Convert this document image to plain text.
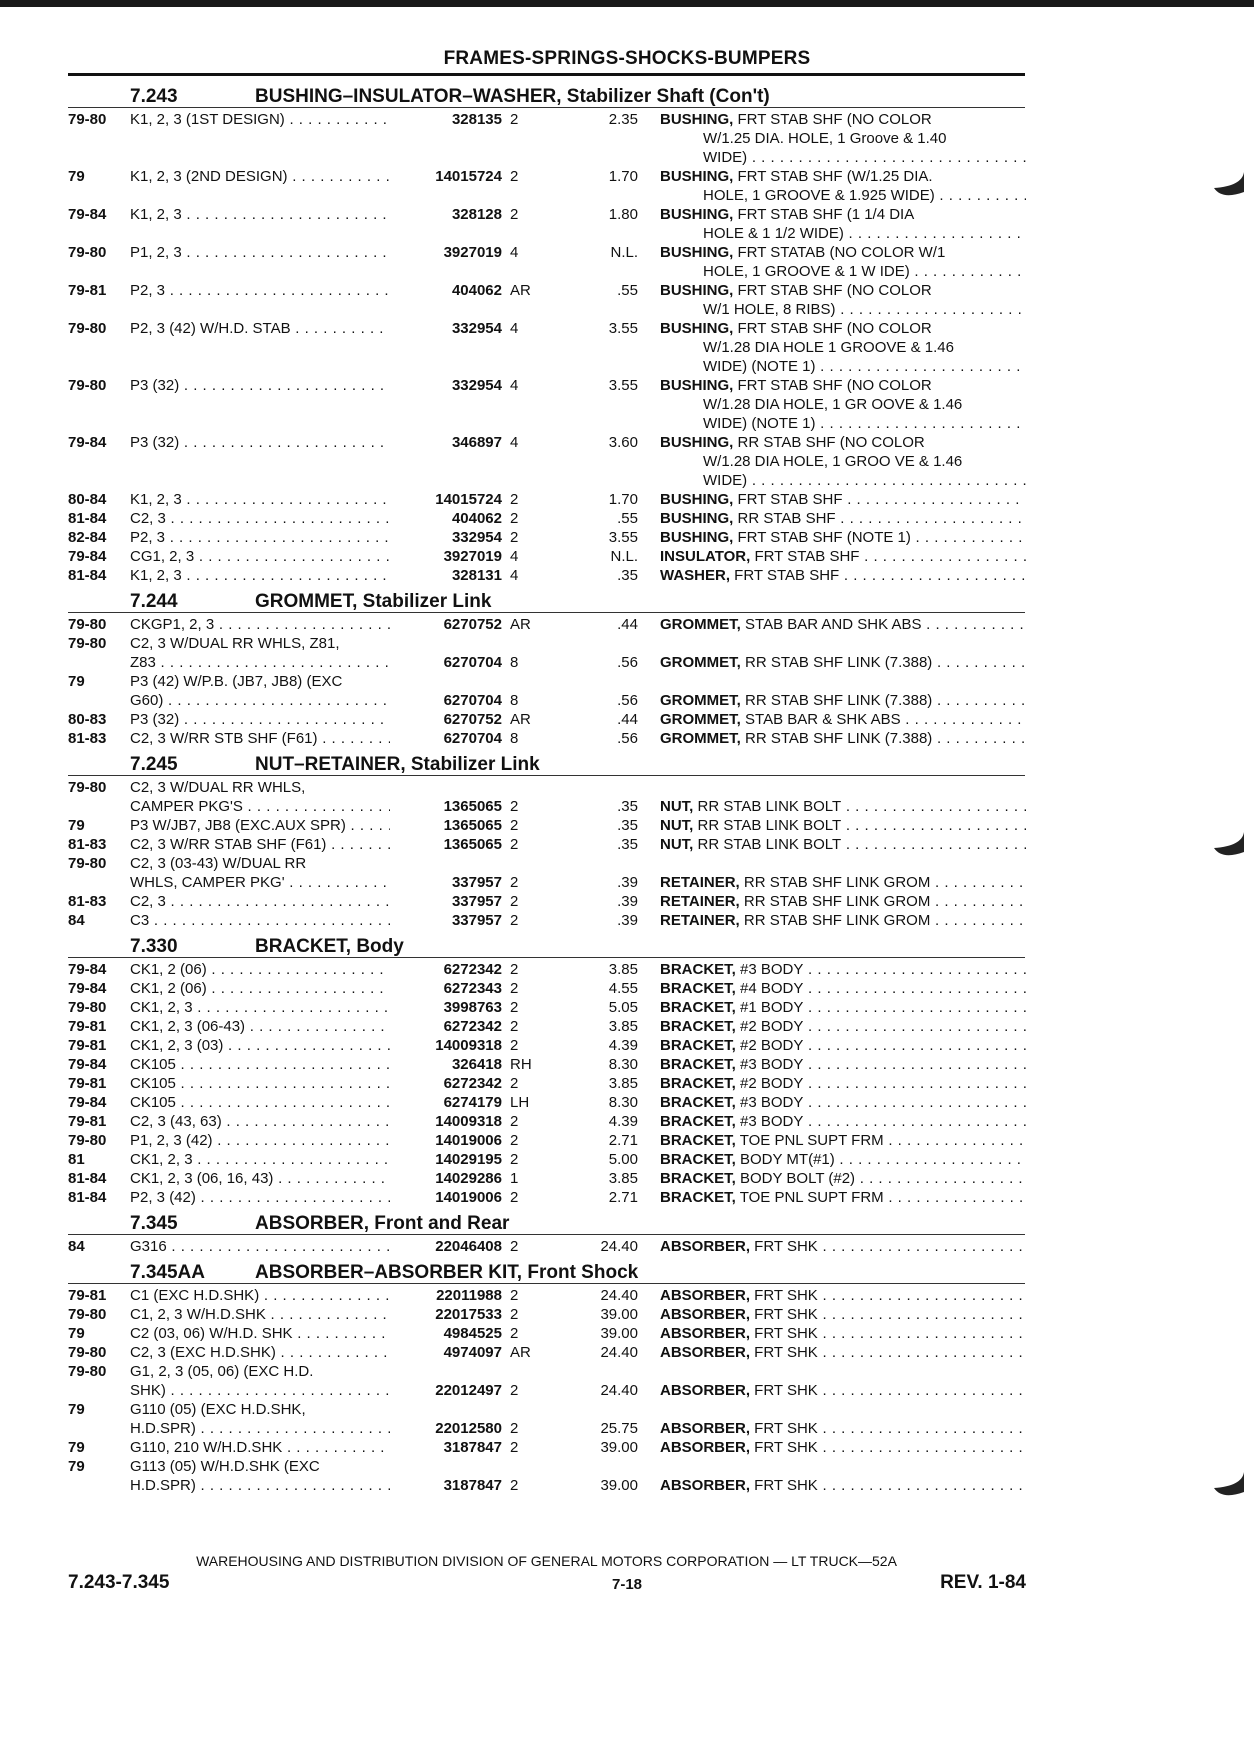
FRAMES-SPRINGS-SHOCKS-BUMPERS
7.243	BUSHING–INSULATOR–WASHER, Stabilizer Shaft (Con't)
79-80	K1, 2, 3 (1ST DESIGN) . . .	328135 2	2.35 BUSHING, FRT STAB SHF (NO COLOR
W/1.25 DIA. HOLE, 1 Groove & 1.40
WIDE) . . .
79	K1, 2, 3 (2ND DESIGN) . . .	14015724 2	1.70 BUSHING, FRT STAB SHF (W/1.25 DIA.
HOLE, 1 GROOVE & 1.925 WIDE) . . .
79-84	K1, 2, 3 . . .	328128 2	1.80 BUSHING, FRT STAB SHF (1 1/4 DIA
HOLE & 1 1/2 WIDE) . . .
79-80	P1, 2, 3 . . .	3927019 4	N.L. BUSHING, FRT STATAB (NO COLOR W/1
HOLE, 1 GROOVE & 1 W IDE) . . .
79-81	P2, 3 . . .	404062 AR	.55 BUSHING, FRT STAB SHF (NO COLOR
W/1 HOLE, 8 RIBS) . . .
79-80	P2, 3 (42) W/H.D. STAB . . .	332954 4	3.55 BUSHING, FRT STAB SHF (NO COLOR
W/1.28 DIA HOLE 1 GROOVE & 1.46
WIDE) (NOTE 1) . . .
79-80	P3 (32) . . .	332954 4	3.55 BUSHING, FRT STAB SHF (NO COLOR
W/1.28 DIA HOLE, 1 GR OOVE & 1.46
WIDE) (NOTE 1) . . .
79-84	P3 (32) . . .	346897 4	3.60 BUSHING, RR STAB SHF (NO COLOR
W/1.28 DIA HOLE, 1 GROO VE & 1.46
WIDE) . . .
80-84	K1, 2, 3 . . .	14015724 2	1.70 BUSHING, FRT STAB SHF . . .
81-84	C2, 3 . . .	404062 2	.55 BUSHING, RR STAB SHF . . .
82-84	P2, 3 . . .	332954 2	3.55 BUSHING, FRT STAB SHF (NOTE 1) . . .
79-84	CG1, 2, 3 . . .	3927019 4	N.L. INSULATOR, FRT STAB SHF . . .
81-84	K1, 2, 3 . . .	328131 4	.35 WASHER, FRT STAB SHF . . .
7.244	GROMMET, Stabilizer Link
79-80	CKGP1, 2, 3 . . .	6270752 AR	.44 GROMMET, STAB BAR AND SHK ABS . . .
79-80	C2, 3 W/DUAL RR WHLS, Z81,
Z83 . . .	6270704 8	.56 GROMMET, RR STAB SHF LINK (7.388) . . .
79	P3 (42) W/P.B. (JB7, JB8) (EXC
G60) . . .	6270704 8	.56 GROMMET, RR STAB SHF LINK (7.388) . . .
80-83	P3 (32) . . .	6270752 AR	.44 GROMMET, STAB BAR & SHK ABS . . .
81-83	C2, 3 W/RR STB SHF (F61) . . .	6270704 8	.56 GROMMET, RR STAB SHF LINK (7.388) . . .
7.245	NUT–RETAINER, Stabilizer Link
79-80	C2, 3 W/DUAL RR WHLS,
CAMPER PKG'S . . .	1365065 2	.35 NUT, RR STAB LINK BOLT . . .
79	P3 W/JB7, JB8 (EXC.AUX SPR) . . .	1365065 2	.35 NUT, RR STAB LINK BOLT . . .
81-83	C2, 3 W/RR STAB SHF (F61) . . .	1365065 2	.35 NUT, RR STAB LINK BOLT . . .
79-80	C2, 3 (03-43) W/DUAL RR
WHLS, CAMPER PKG' . . .	337957 2	.39 RETAINER, RR STAB SHF LINK GROM . . .
81-83	C2, 3 . . .	337957 2	.39 RETAINER, RR STAB SHF LINK GROM . . .
84	C3 . . .	337957 2	.39 RETAINER, RR STAB SHF LINK GROM . . .
7.330	BRACKET, Body
79-84	CK1, 2 (06) . . .	6272342 2	3.85 BRACKET, #3 BODY . . .
79-84	CK1, 2 (06) . . .	6272343 2	4.55 BRACKET, #4 BODY . . .
79-80	CK1, 2, 3 . . .	3998763 2	5.05 BRACKET, #1 BODY . . .
79-81	CK1, 2, 3 (06-43) . . .	6272342 2	3.85 BRACKET, #2 BODY . . .
79-81	CK1, 2, 3 (03) . . .	14009318 2	4.39 BRACKET, #2 BODY . . .
79-84	CK105 . . .	326418 RH	8.30 BRACKET, #3 BODY . . .
79-81	CK105 . . .	6272342 2	3.85 BRACKET, #2 BODY . . .
79-84	CK105 . . .	6274179 LH	8.30 BRACKET, #3 BODY . . .
79-81	C2, 3 (43, 63) . . .	14009318 2	4.39 BRACKET, #3 BODY . . .
79-80	P1, 2, 3 (42) . . .	14019006 2	2.71 BRACKET, TOE PNL SUPT FRM . . .
81	CK1, 2, 3 . . .	14029195 2	5.00 BRACKET, BODY MT(#1) . . .
81-84	CK1, 2, 3 (06, 16, 43) . . .	14029286 1	3.85 BRACKET, BODY BOLT (#2) . . .
81-84	P2, 3 (42) . . .	14019006 2	2.71 BRACKET, TOE PNL SUPT FRM . . .
7.345	ABSORBER, Front and Rear
84	G316 . . .	22046408 2	24.40 ABSORBER, FRT SHK . . .
7.345AA	ABSORBER–ABSORBER KIT, Front Shock
79-81	C1 (EXC H.D.SHK) . . .	22011988 2	24.40 ABSORBER, FRT SHK . . .
79-80	C1, 2, 3 W/H.D.SHK . . .	22017533 2	39.00 ABSORBER, FRT SHK . . .
79	C2 (03, 06) W/H.D. SHK . . .	4984525 2	39.00 ABSORBER, FRT SHK . . .
79-80	C2, 3 (EXC H.D.SHK) . . .	4974097 AR	24.40 ABSORBER, FRT SHK . . .
79-80	G1, 2, 3 (05, 06) (EXC H.D.
SHK) . . .	22012497 2	24.40 ABSORBER, FRT SHK . . .
79	G110 (05) (EXC H.D.SHK,
H.D.SPR) . . .	22012580 2	25.75 ABSORBER, FRT SHK . . .
79	G110, 210 W/H.D.SHK . . .	3187847 2	39.00 ABSORBER, FRT SHK . . .
79	G113 (05) W/H.D.SHK (EXC
H.D.SPR) . . .	3187847 2	39.00 ABSORBER, FRT SHK . . .
WAREHOUSING AND DISTRIBUTION DIVISION OF GENERAL MOTORS CORPORATION — LT TRUCK—52A
7.243-7.345	7-18	REV. 1-84
